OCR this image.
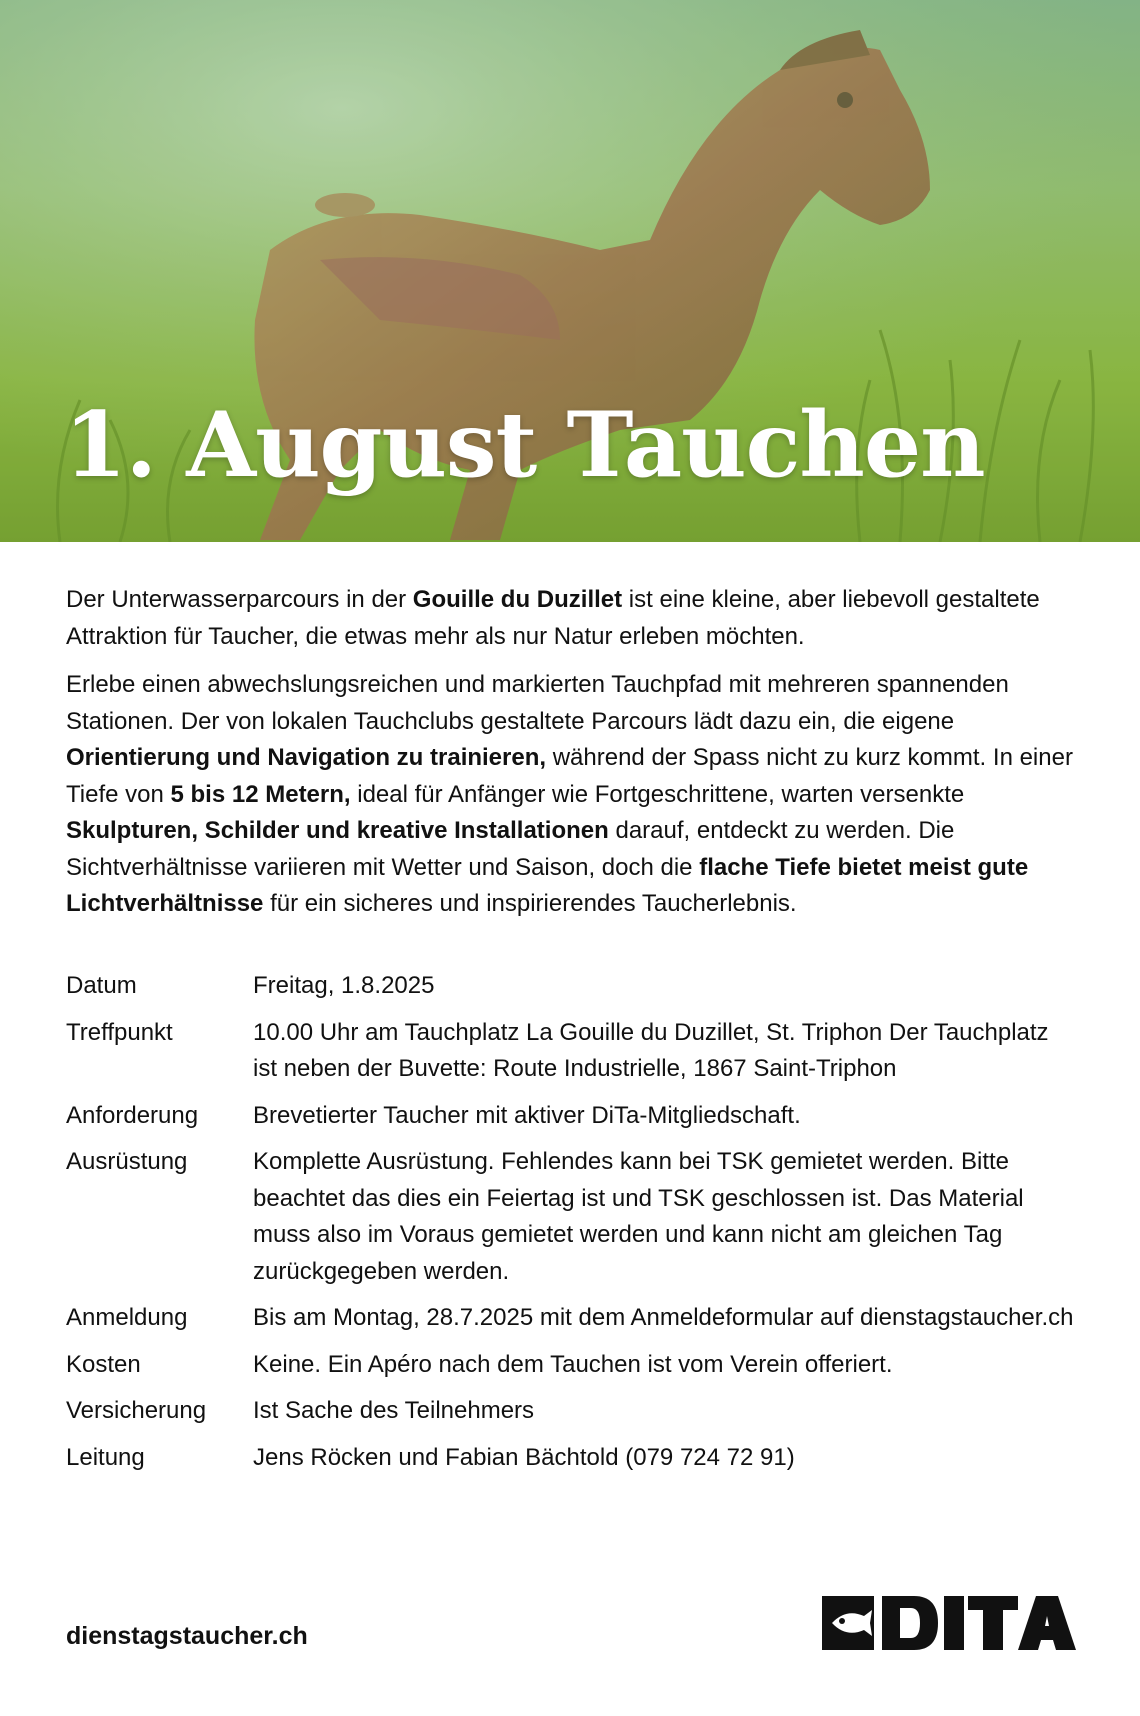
1. August Tauchen

Der Unterwasserparcours in der Gouille du Duzillet ist eine kleine, aber liebevoll gestaltete Attraktion für Taucher, die etwas mehr als nur Natur erleben möchten.

Erlebe einen abwechslungsreichen und markierten Tauchpfad mit mehreren spannenden Stationen. Der von lokalen Tauchclubs gestaltete Parcours lädt dazu ein, die eigene Orientierung und Navigation zu trainieren, während der Spass nicht zu kurz kommt. In einer Tiefe von 5 bis 12 Metern, ideal für Anfänger wie Fortgeschrittene, warten versenkte Skulpturen, Schilder und kreative Installationen darauf, entdeckt zu werden. Die Sichtverhältnisse variieren mit Wetter und Saison, doch die flache Tiefe bietet meist gute Lichtverhältnisse für ein sicheres und inspirierendes Taucherlebnis.

Datum	Freitag, 1.8.2025
Treffpunkt	10.00 Uhr am Tauchplatz La Gouille du Duzillet, St. Triphon Der Tauchplatz ist neben der Buvette: Route Industrielle, 1867 Saint-Triphon
Anforderung	Brevetierter Taucher mit aktiver DiTa-Mitgliedschaft.
Ausrüstung	Komplette Ausrüstung. Fehlendes kann bei TSK gemietet werden. Bitte beachtet das dies ein Feiertag ist und TSK geschlossen ist. Das Material muss also im Voraus gemietet werden und kann nicht am gleichen Tag zurückgegeben werden.
Anmeldung	Bis am Montag, 28.7.2025 mit dem Anmeldeformular auf dienstagstaucher.ch
Kosten	Keine. Ein Apéro nach dem Tauchen ist vom Verein offeriert.
Versicherung	Ist Sache des Teilnehmers
Leitung	Jens Röcken und Fabian Bächtold (079 724 72 91)
dienstagstaucher.ch
